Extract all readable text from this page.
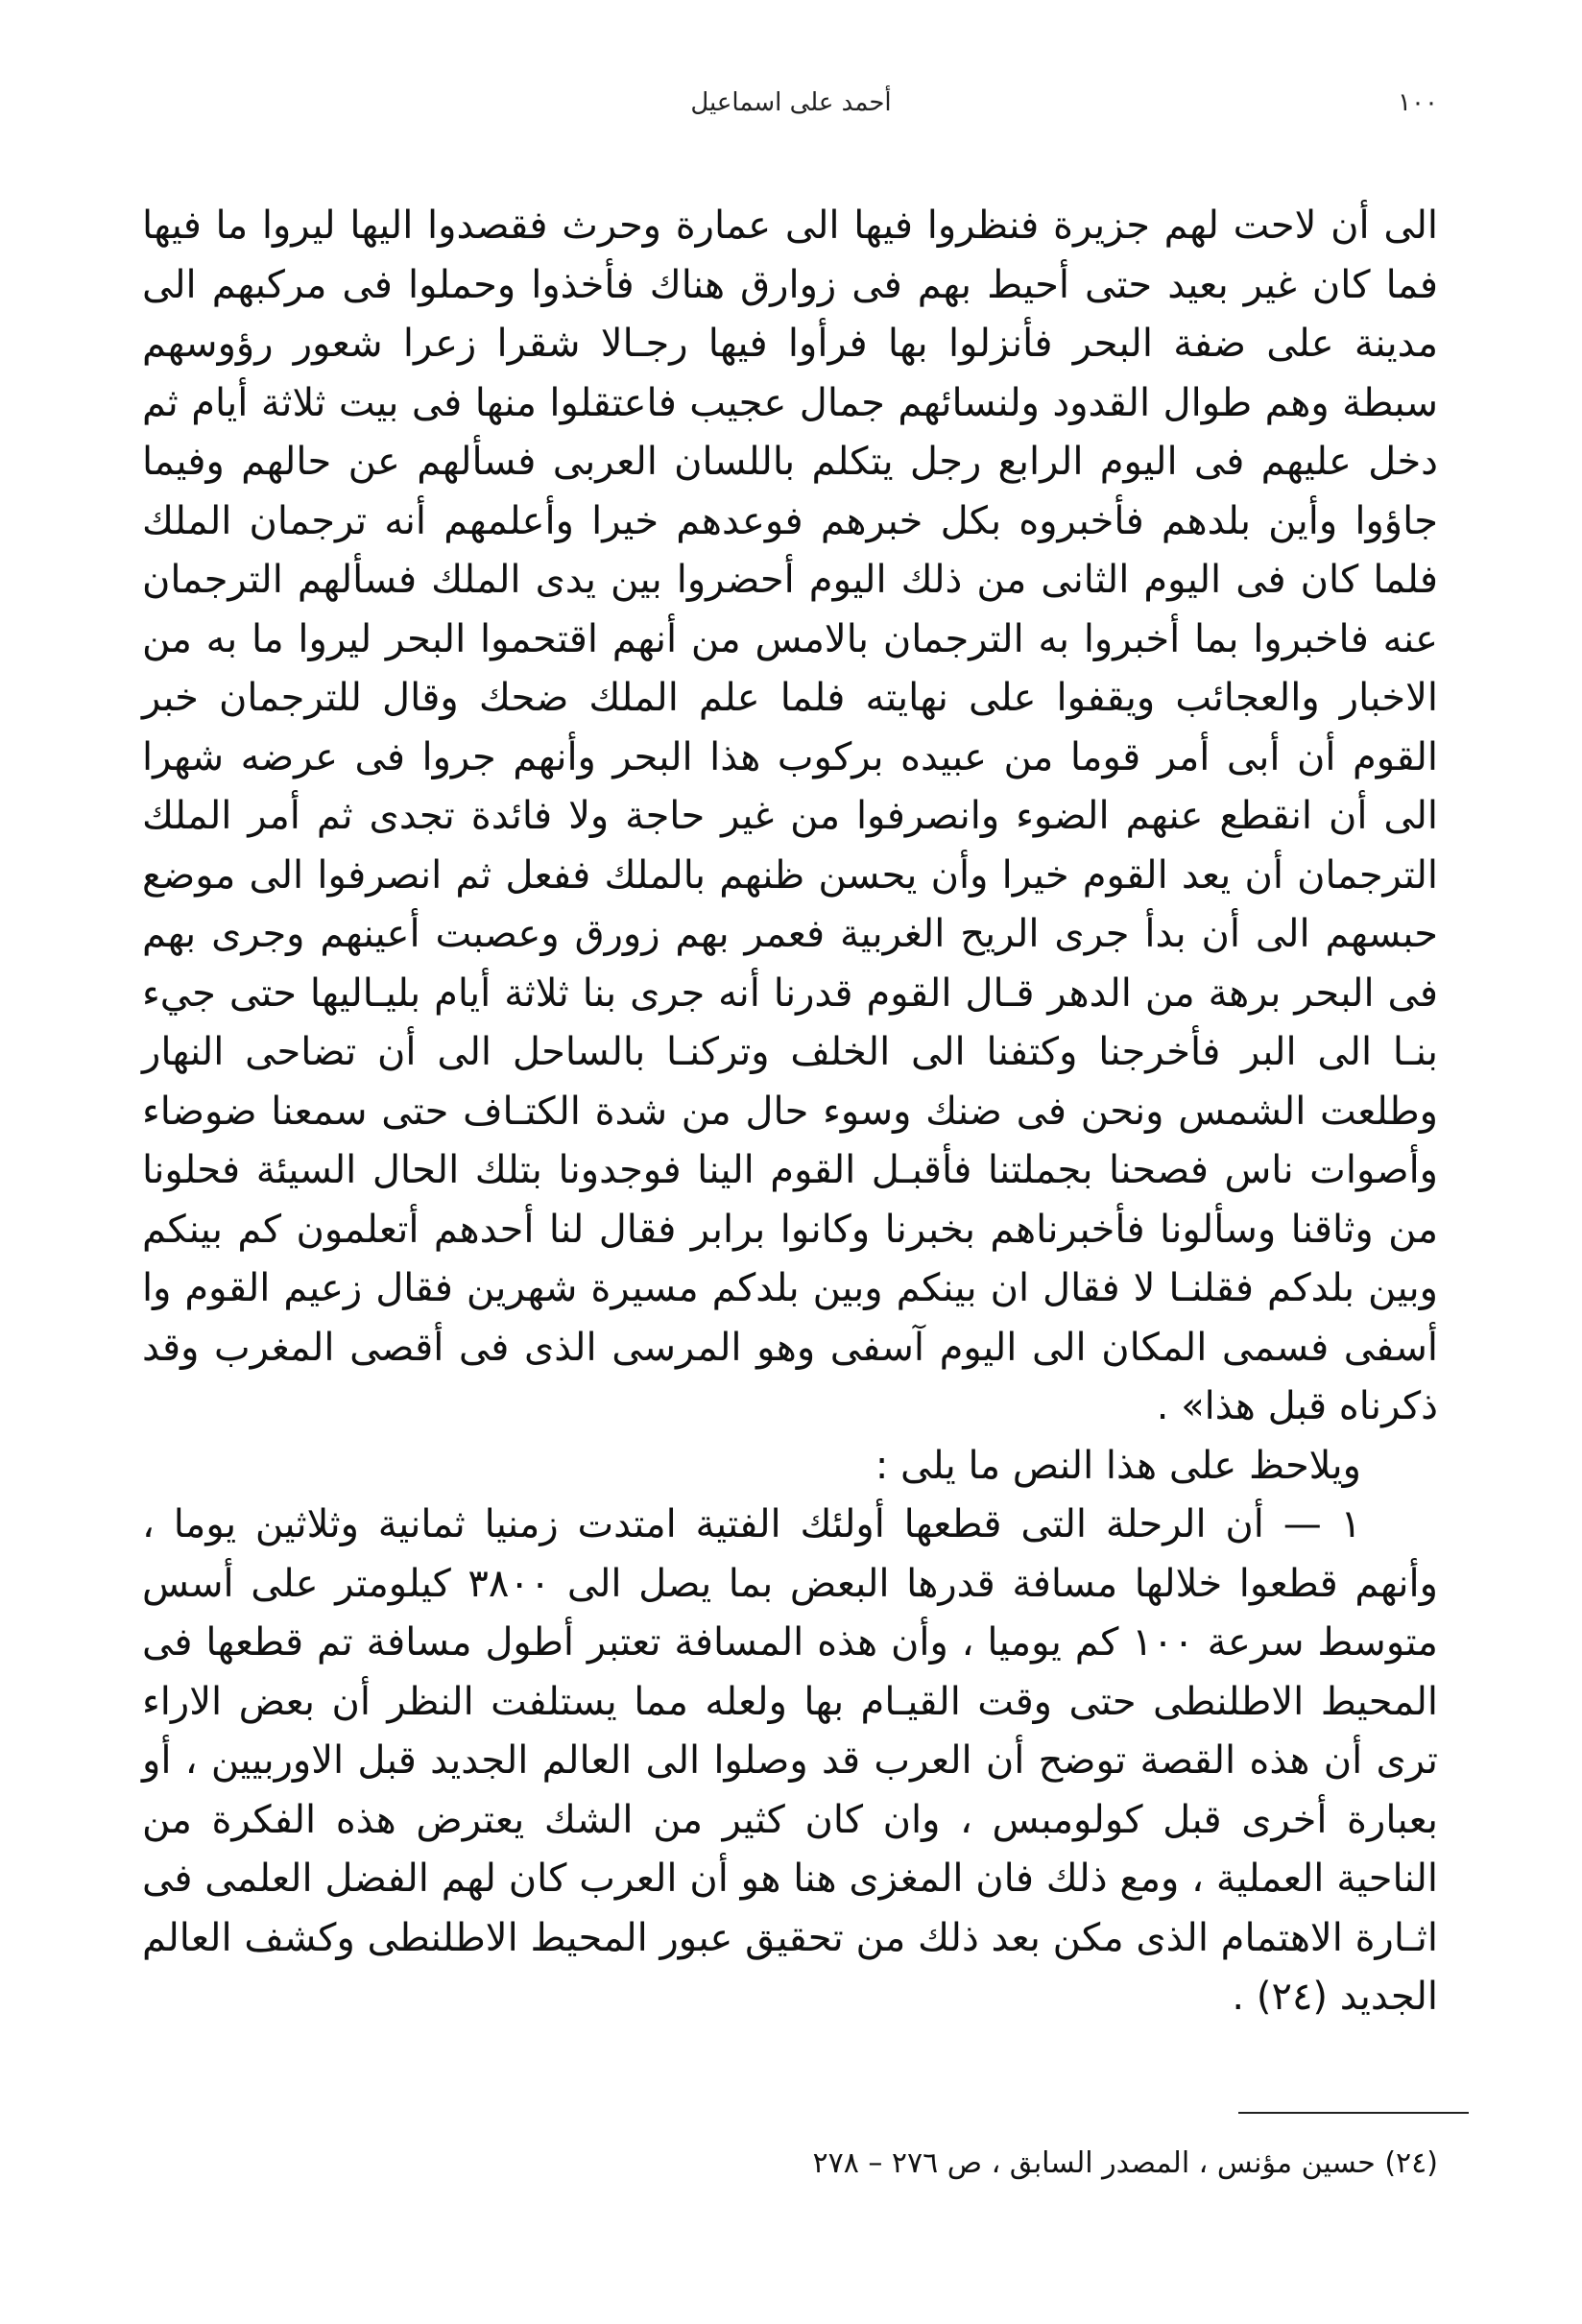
أحمد على اسماعيل	١٠٠

الى أن لاحت لهم جزيرة فنظروا فيها الى عمارة وحرث فقصدوا اليها ليروا ما فيها فما كان غير بعيد حتى أحيط بهم فى زوارق هناك فأخذوا وحملوا فى مركبهم الى مدينة على ضفة البحر فأنزلوا بها فرأوا فيها رجـالا شقرا زعرا شعور رؤوسهم سبطة وهم طوال القدود ولنسائهم جمال عجيب فاعتقلوا منها فى بيت ثلاثة أيام ثم دخل عليهم فى اليوم الرابع رجل يتكلم باللسان العربى فسألهم عن حالهم وفيما جاؤوا وأين بلدهم فأخبروه بكل خبرهم فوعدهم خيرا وأعلمهم أنه ترجمان الملك فلما كان فى اليوم الثانى من ذلك اليوم أحضروا بين يدى الملك فسألهم الترجمان عنه فاخبروا بما أخبروا به الترجمان بالامس من أنهم اقتحموا البحر ليروا ما به من الاخبار والعجائب ويقفوا على نهايته فلما علم الملك ضحك وقال للترجمان خبر القوم أن أبى أمر قوما من عبيده بركوب هذا البحر وأنهم جروا فى عرضه شهرا الى أن انقطع عنهم الضوء وانصرفوا من غير حاجة ولا فائدة تجدى ثم أمر الملك الترجمان أن يعد القوم خيرا وأن يحسن ظنهم بالملك ففعل ثم انصرفوا الى موضع حبسهم الى أن بدأ جرى الريح الغربية فعمر بهم زورق وعصبت أعينهم وجرى بهم فى البحر برهة من الدهر قـال القوم قدرنا أنه جرى بنا ثلاثة أيام بليـاليها حتى جيء بنـا الى البر فأخرجنا وكتفنا الى الخلف وتركنـا بالساحل الى أن تضاحى النهار وطلعت الشمس ونحن فى ضنك وسوء حال من شدة الكتـاف حتى سمعنا ضوضاء وأصوات ناس فصحنا بجملتنا فأقبـل القوم الينا فوجدونا بتلك الحال السيئة فحلونا من وثاقنا وسألونا فأخبرناهم بخبرنا وكانوا برابر فقال لنا أحدهم أتعلمون كم بينكم وبين بلدكم فقلنـا لا فقال ان بينكم وبين بلدكم مسيرة شهرين فقال زعيم القوم وا أسفى فسمى المكان الى اليوم آسفى وهو المرسى الذى فى أقصى المغرب وقد ذكرناه قبل هذا» .

ويلاحظ على هذا النص ما يلى :

١ — أن الرحلة التى قطعها أولئك الفتية امتدت زمنيا ثمانية وثلاثين يوما ، وأنهم قطعوا خلالها مسافة قدرها البعض بما يصل الى ٣٨٠٠ كيلومتر على أسس متوسط سرعة ١٠٠ كم يوميا ، وأن هذه المسافة تعتبر أطول مسافة تم قطعها فى المحيط الاطلنطى حتى وقت القيـام بها ولعله مما يستلفت النظر أن بعض الاراء ترى أن هذه القصة توضح أن العرب قد وصلوا الى العالم الجديد قبل الاوربيين ، أو بعبارة أخرى قبل كولومبس ، وان كان كثير من الشك يعترض هذه الفكرة من الناحية العملية ، ومع ذلك فان المغزى هنا هو أن العرب كان لهم الفضل العلمى فى اثـارة الاهتمام الذى مكن بعد ذلك من تحقيق عبور المحيط الاطلنطى وكشف العالم الجديد (٢٤) .

(٢٤) حسين مؤنس ، المصدر السابق ، ص ٢٧٦ – ٢٧٨
